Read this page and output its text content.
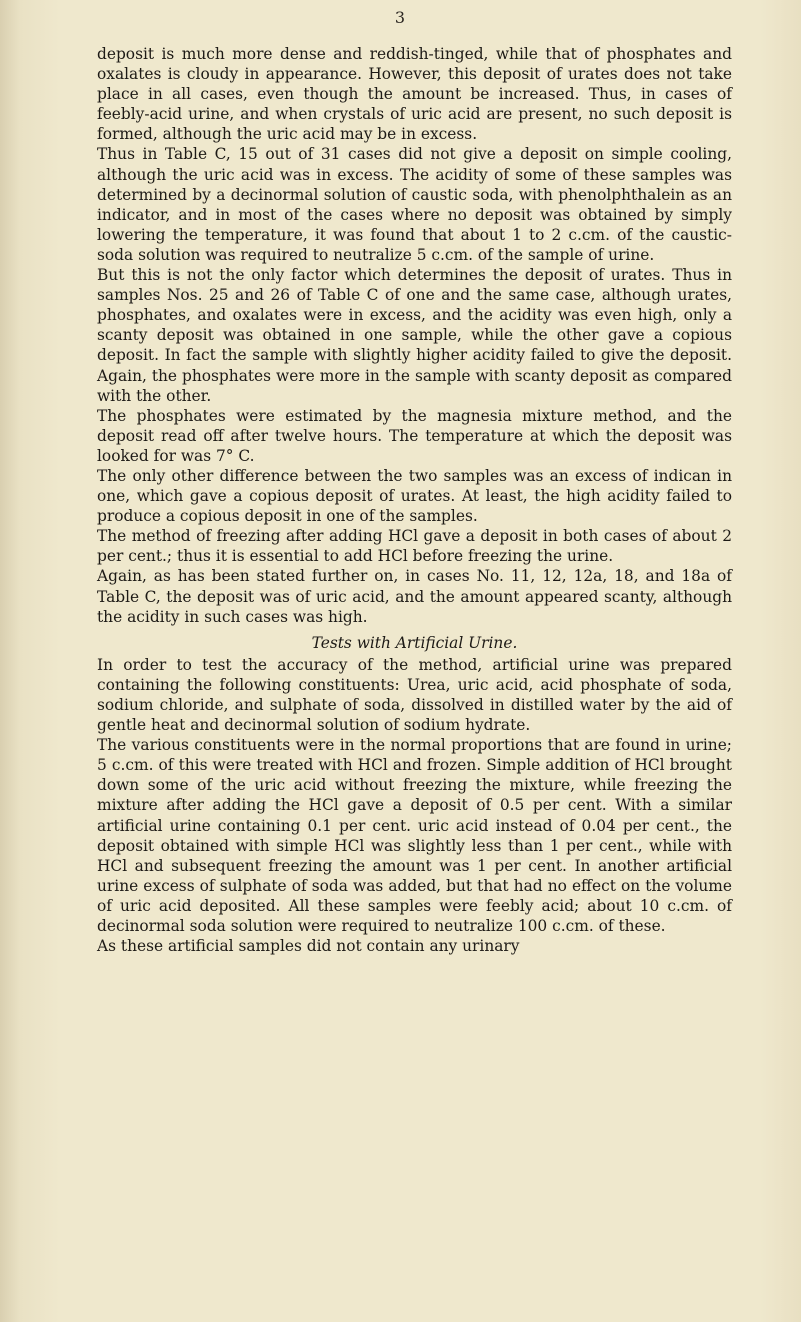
3

deposit is much more dense and reddish-tinged, while that of phosphates and oxalates is cloudy in appearance. However, this deposit of urates does not take place in all cases, even though the amount be increased. Thus, in cases of feebly-acid urine, and when crystals of uric acid are present, no such deposit is formed, although the uric acid may be in excess.

Thus in Table C, 15 out of 31 cases did not give a deposit on simple cooling, although the uric acid was in excess. The acidity of some of these samples was determined by a decinormal solution of caustic soda, with phenolphthalein as an indicator, and in most of the cases where no deposit was obtained by simply lowering the temperature, it was found that about 1 to 2 c.cm. of the caustic-soda solution was required to neutralize 5 c.cm. of the sample of urine.

But this is not the only factor which determines the deposit of urates. Thus in samples Nos. 25 and 26 of Table C of one and the same case, although urates, phosphates, and oxalates were in excess, and the acidity was even high, only a scanty deposit was obtained in one sample, while the other gave a copious deposit. In fact the sample with slightly higher acidity failed to give the deposit. Again, the phosphates were more in the sample with scanty deposit as compared with the other.

The phosphates were estimated by the magnesia mixture method, and the deposit read off after twelve hours. The temperature at which the deposit was looked for was 7° C.

The only other difference between the two samples was an excess of indican in one, which gave a copious deposit of urates. At least, the high acidity failed to produce a copious deposit in one of the samples.

The method of freezing after adding HCl gave a deposit in both cases of about 2 per cent.; thus it is essential to add HCl before freezing the urine.

Again, as has been stated further on, in cases No. 11, 12, 12a, 18, and 18a of Table C, the deposit was of uric acid, and the amount appeared scanty, although the acidity in such cases was high.

Tests with Artificial Urine.

In order to test the accuracy of the method, artificial urine was prepared containing the following constituents: Urea, uric acid, acid phosphate of soda, sodium chloride, and sulphate of soda, dissolved in distilled water by the aid of gentle heat and decinormal solution of sodium hydrate.

The various constituents were in the normal proportions that are found in urine; 5 c.cm. of this were treated with HCl and frozen. Simple addition of HCl brought down some of the uric acid without freezing the mixture, while freezing the mixture after adding the HCl gave a deposit of 0.5 per cent. With a similar artificial urine containing 0.1 per cent. uric acid instead of 0.04 per cent., the deposit obtained with simple HCl was slightly less than 1 per cent., while with HCl and subsequent freezing the amount was 1 per cent. In another artificial urine excess of sulphate of soda was added, but that had no effect on the volume of uric acid deposited. All these samples were feebly acid; about 10 c.cm. of decinormal soda solution were required to neutralize 100 c.cm. of these.

As these artificial samples did not contain any urinary
